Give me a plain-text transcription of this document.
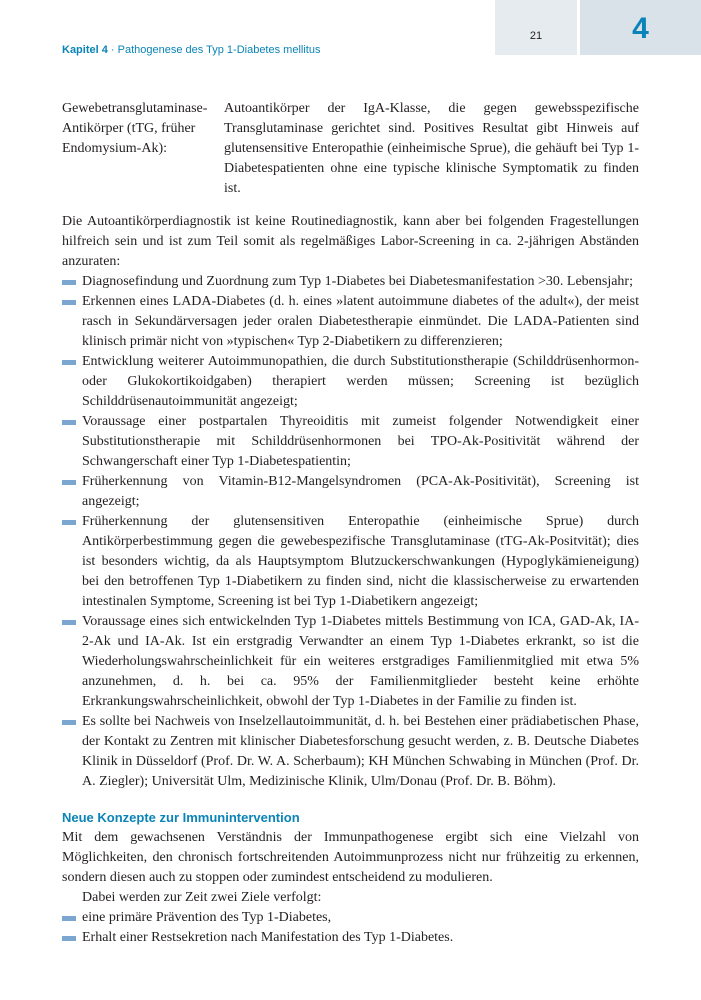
21	4
Kapitel 4 · Pathogenese des Typ 1-Diabetes mellitus
Gewebetransglutaminase-Antikörper (tTG, früher Endomysium-Ak):
Autoantikörper der IgA-Klasse, die gegen gewebsspezifische Transglutaminase gerichtet sind. Positives Resultat gibt Hinweis auf glutensensitive Enteropathie (einheimische Sprue), die gehäuft bei Typ 1-Diabetespatienten ohne eine typische klinische Symptomatik zu finden ist.

Die Autoantikörperdiagnostik ist keine Routinediagnostik, kann aber bei folgenden Fragestellungen hilfreich sein und ist zum Teil somit als regelmäßiges Labor-Screening in ca. 2-jährigen Abständen anzuraten:

Diagnosefindung und Zuordnung zum Typ 1-Diabetes bei Diabetesmanifestation >30. Lebensjahr;
Erkennen eines LADA-Diabetes (d. h. eines »latent autoimmune diabetes of the adult«), der meist rasch in Sekundärversagen jeder oralen Diabetestherapie einmündet. Die LADA-Patienten sind klinisch primär nicht von »typischen« Typ 2-Diabetikern zu differenzieren;
Entwicklung weiterer Autoimmunopathien, die durch Substitutionstherapie (Schilddrüsenhormon- oder Glukokortikoidgaben) therapiert werden müssen; Screening ist bezüglich Schilddrüsenautoimmunität angezeigt;
Voraussage einer postpartalen Thyreoiditis mit zumeist folgender Notwendigkeit einer Substitutionstherapie mit Schilddrüsenhormonen bei TPO-Ak-Positivität während der Schwangerschaft einer Typ 1-Diabetespatientin;
Früherkennung von Vitamin-B12-Mangelsyndromen (PCA-Ak-Positivität), Screening ist angezeigt;
Früherkennung der glutensensitiven Enteropathie (einheimische Sprue) durch Antikörperbestimmung gegen die gewebespezifische Transglutaminase (tTG-Ak-Positvität); dies ist besonders wichtig, da als Hauptsymptom Blutzuckerschwankungen (Hypoglykämieneigung) bei den betroffenen Typ 1-Diabetikern zu finden sind, nicht die klassischerweise zu erwartenden intestinalen Symptome, Screening ist bei Typ 1-Diabetikern angezeigt;
Voraussage eines sich entwickelnden Typ 1-Diabetes mittels Bestimmung von ICA, GAD-Ak, IA-2-Ak und IA-Ak. Ist ein erstgradig Verwandter an einem Typ 1-Diabetes erkrankt, so ist die Wiederholungswahrscheinlichkeit für ein weiteres erstgradiges Familienmitglied mit etwa 5% anzunehmen, d. h. bei ca. 95% der Familienmitglieder besteht keine erhöhte Erkrankungswahrscheinlichkeit, obwohl der Typ 1-Diabetes in der Familie zu finden ist.
Es sollte bei Nachweis von Inselzellautoimmunität, d. h. bei Bestehen einer prädiabetischen Phase, der Kontakt zu Zentren mit klinischer Diabetesforschung gesucht werden, z. B. Deutsche Diabetes Klinik in Düsseldorf (Prof. Dr. W. A. Scherbaum); KH München Schwabing in München (Prof. Dr. A. Ziegler); Universität Ulm, Medizinische Klinik, Ulm/Donau (Prof. Dr. B. Böhm).
Neue Konzepte zur Immunintervention

Mit dem gewachsenen Verständnis der Immunpathogenese ergibt sich eine Vielzahl von Möglichkeiten, den chronisch fortschreitenden Autoimmunprozess nicht nur frühzeitig zu erkennen, sondern diesen auch zu stoppen oder zumindest entscheidend zu modulieren.

Dabei werden zur Zeit zwei Ziele verfolgt:

eine primäre Prävention des Typ 1-Diabetes,
Erhalt einer Restsekretion nach Manifestation des Typ 1-Diabetes.
